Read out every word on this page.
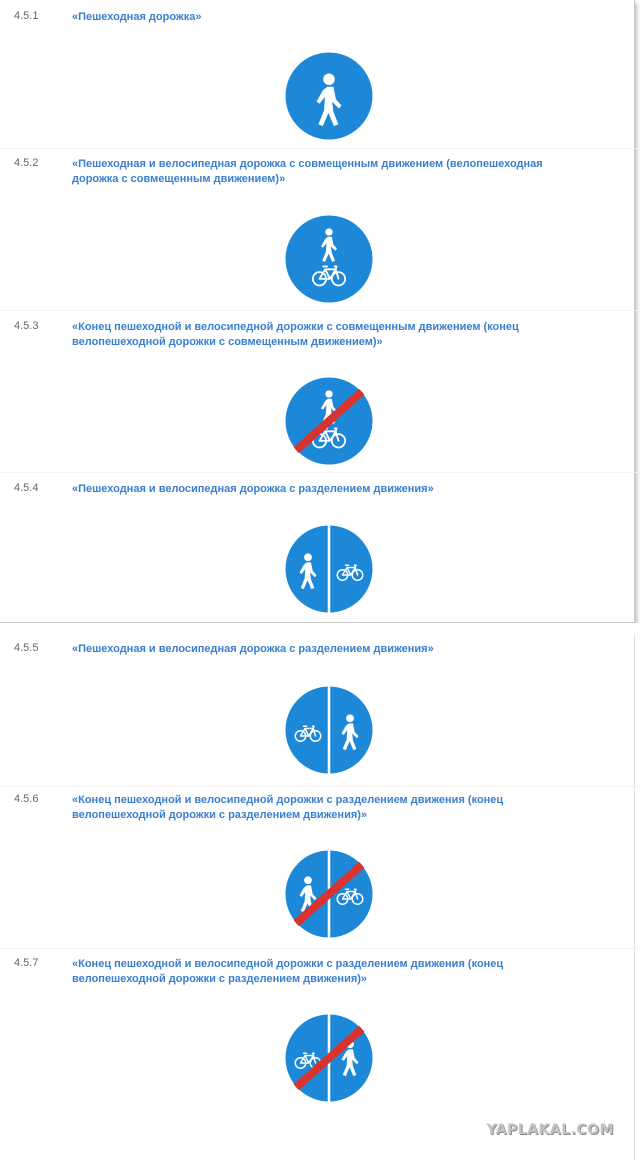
4.5.1	«Пешеходная дорожка»
4.5.2	«Пешеходная и велосипедная дорожка с совмещенным движением (велопешеходная дорожка с совмещенным движением)»
4.5.3	«Конец пешеходной и велосипедной дорожки с совмещенным движением (конец велопешеходной дорожки с совмещенным движением)»
4.5.4	«Пешеходная и велосипедная дорожка с разделением движения»
4.5.5	«Пешеходная и велосипедная дорожка с разделением движения»
4.5.6	«Конец пешеходной и велосипедной дорожки с разделением движения (конец велопешеходной дорожки с разделением движения)»
4.5.7	«Конец пешеходной и велосипедной дорожки с разделением движения (конец велопешеходной дорожки с разделением движения)»
YAPLAKAL.COM
